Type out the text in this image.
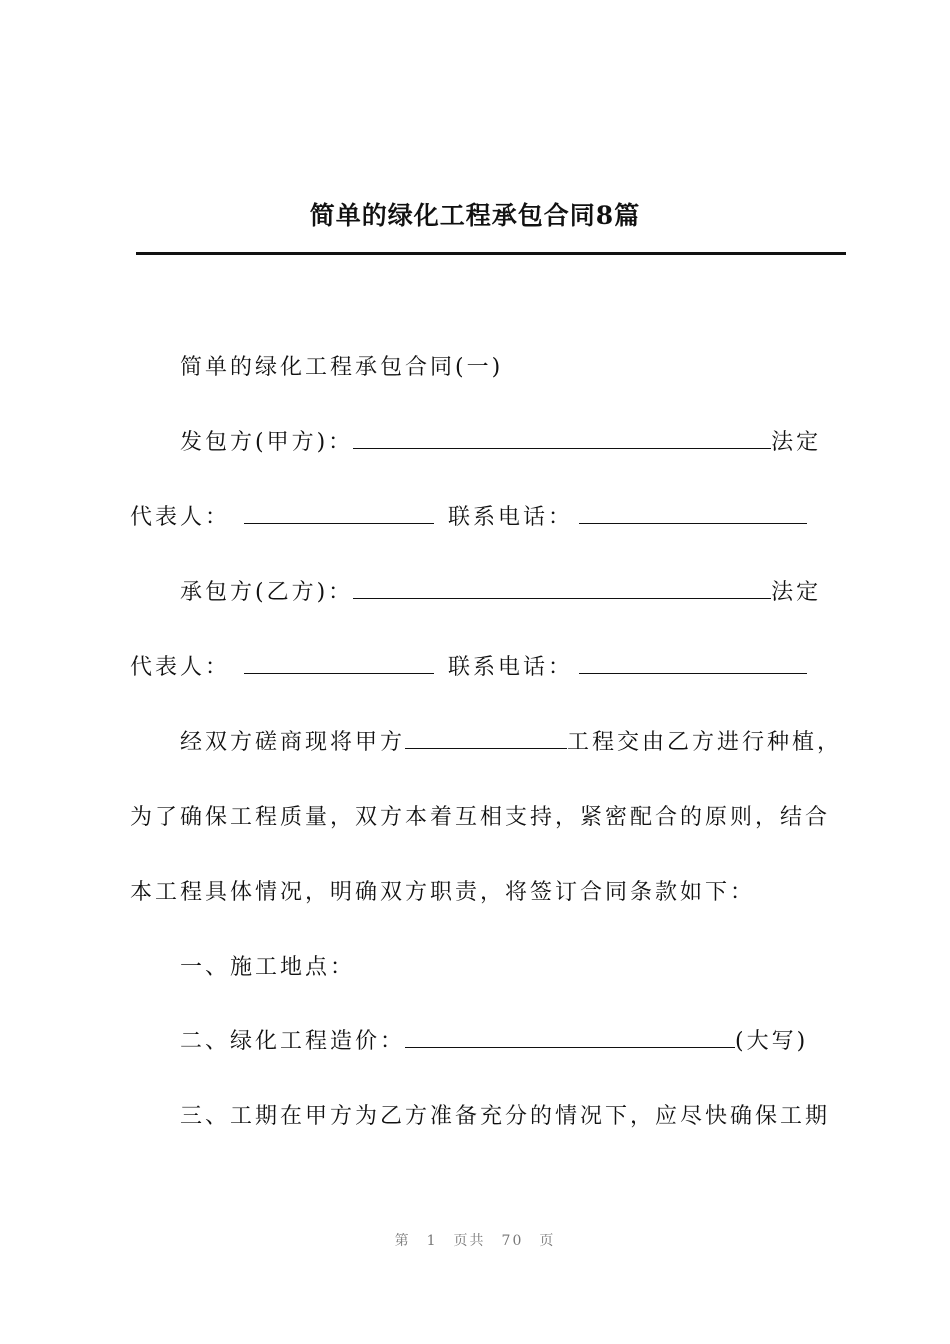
简单的绿化工程承包合同8篇
简单的绿化工程承包合同(一)
发包方(甲方)：	法定
代表人：	联系电话：
承包方(乙方)：	法定
代表人：	联系电话：
经双方磋商现将甲方	工程交由乙方进行种植，
为了确保工程质量，双方本着互相支持，紧密配合的原则，结合
本工程具体情况，明确双方职责，将签订合同条款如下：
一、施工地点：
二、绿化工程造价：	(大写)
三、工期在甲方为乙方准备充分的情况下，应尽快确保工期
第 1 页共 70 页
